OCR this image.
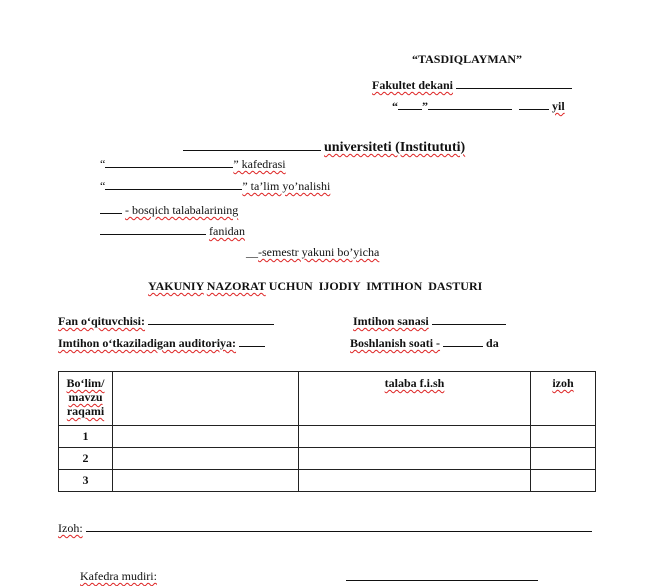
“TASDIQLAYMAN”
Fakultet dekani
“ ”	yil
universiteti (Institututi)
“	” kafedrasi
“	” ta’lim yo’nalishi
- bosqich talabalarining
fanidan
__-semestr yakuni bo’yicha
YAKUNIY NAZORAT UCHUN  IJODIY  IMTIHON  DASTURI
Fan o‘qituvchisi:	Imtihon sanasi
Imtihon o‘tkaziladigan auditoriya:	Boshlanish soati -	da
Bo‘lim/
mavzu
raqami		talaba f.i.sh	izoh
1			
2			
3			
Izoh:
Kafedra mudiri:
